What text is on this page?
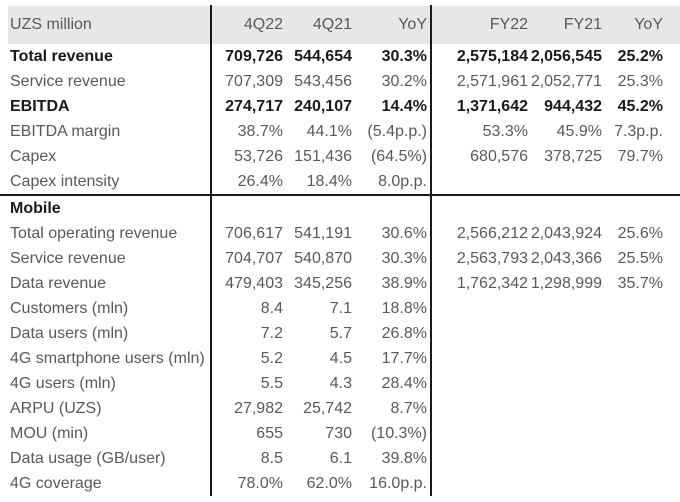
UZS million	4Q22	4Q21	YoY	FY22	FY21	YoY
Total revenue	709,726 544,654	30.3%	2,575,184 2,056,545 25.2%
Service revenue	707,309 543,456	30.2%	2,571,961 2,052,771 25.3%
EBITDA	274,717 240,107	14.4%	1,371,642	944,432 45.2%
EBITDA margin	38.7%	44.1% (5.4p.p.)	53.3%	45.9% 7.3p.p.
Capex	53,726 151,436	(64.5%)	680,576	378,725 79.7%
Capex intensity	26.4%	18.4%	8.0p.p.
Mobile
Total operating revenue	706,617 541,191	30.6%	2,566,212 2,043,924 25.6%
Service revenue	704,707 540,870	30.3%	2,563,793 2,043,366 25.5%
Data revenue	479,403 345,256	38.9%	1,762,342 1,298,999 35.7%
Customers (mln)	8.4	7.1	18.8%
Data users (mln)	7.2	5.7	26.8%
4G smartphone users (mln)	5.2	4.5	17.7%
4G users (mln)	5.5	4.3	28.4%
ARPU (UZS)	27,982	25,742	8.7%
MOU (min)	655	730	(10.3%)
Data usage (GB/user)	8.5	6.1	39.8%
4G coverage	78.0%	62.0%	16.0p.p.
